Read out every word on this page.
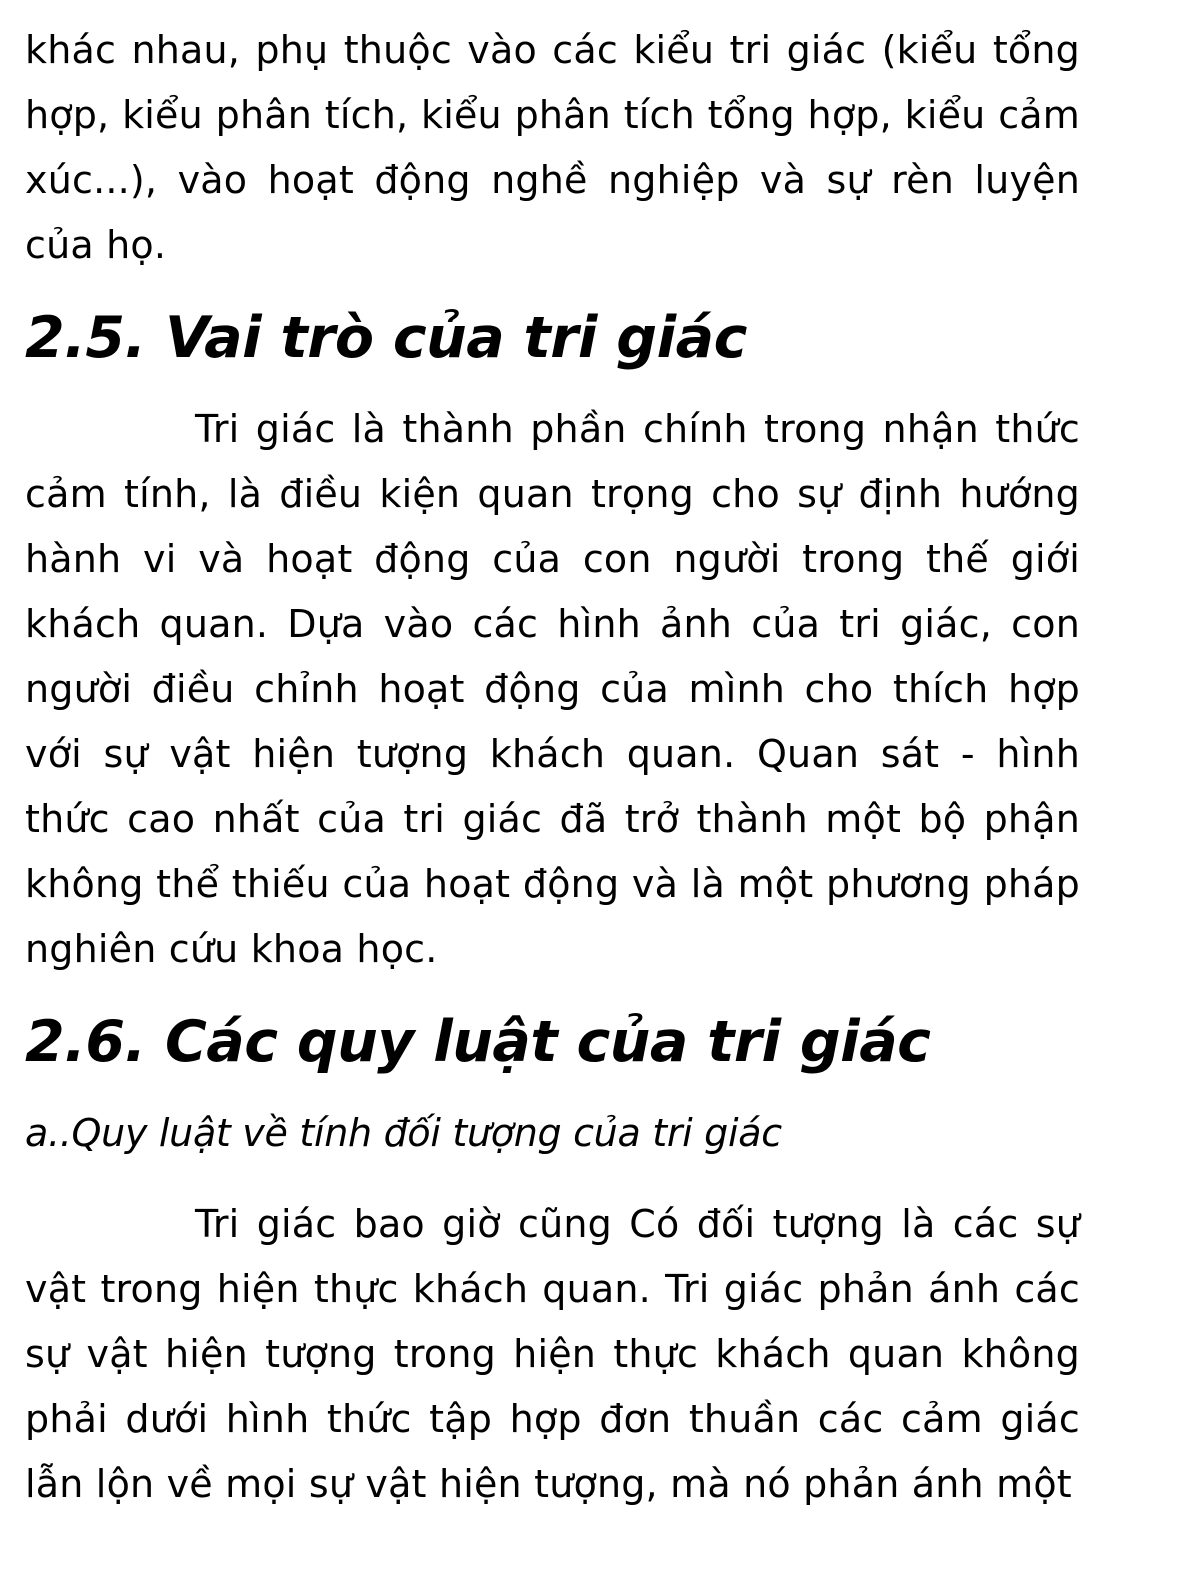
khác nhau, phụ thuộc vào các kiểu tri giác (kiểu tổng hợp, kiểu phân tích, kiểu phân tích tổng hợp, kiểu cảm xúc...), vào hoạt động nghề nghiệp và sự rèn luyện của họ.

2.5. Vai trò của tri giác

Tri giác là thành phần chính trong nhận thức cảm tính, là điều kiện quan trọng cho sự định hướng hành vi và hoạt động của con người trong thế giới khách quan. Dựa vào các hình ảnh của tri giác, con người điều chỉnh hoạt động của mình cho thích hợp với sự vật hiện tượng khách quan. Quan sát - hình thức cao nhất của tri giác đã trở thành một bộ phận không thể thiếu của hoạt động và là một phương pháp nghiên cứu khoa học.

2.6. Các quy luật của tri giác

a..Quy luật về tính đối tượng của tri giác

Tri giác bao giờ cũng Có đối tượng là các sự vật trong hiện thực khách quan. Tri giác phản ánh các sự vật hiện tượng trong hiện thực khách quan không phải dưới hình thức tập hợp đơn thuần các cảm giác lẫn lộn về mọi sự vật hiện tượng, mà nó phản ánh một
